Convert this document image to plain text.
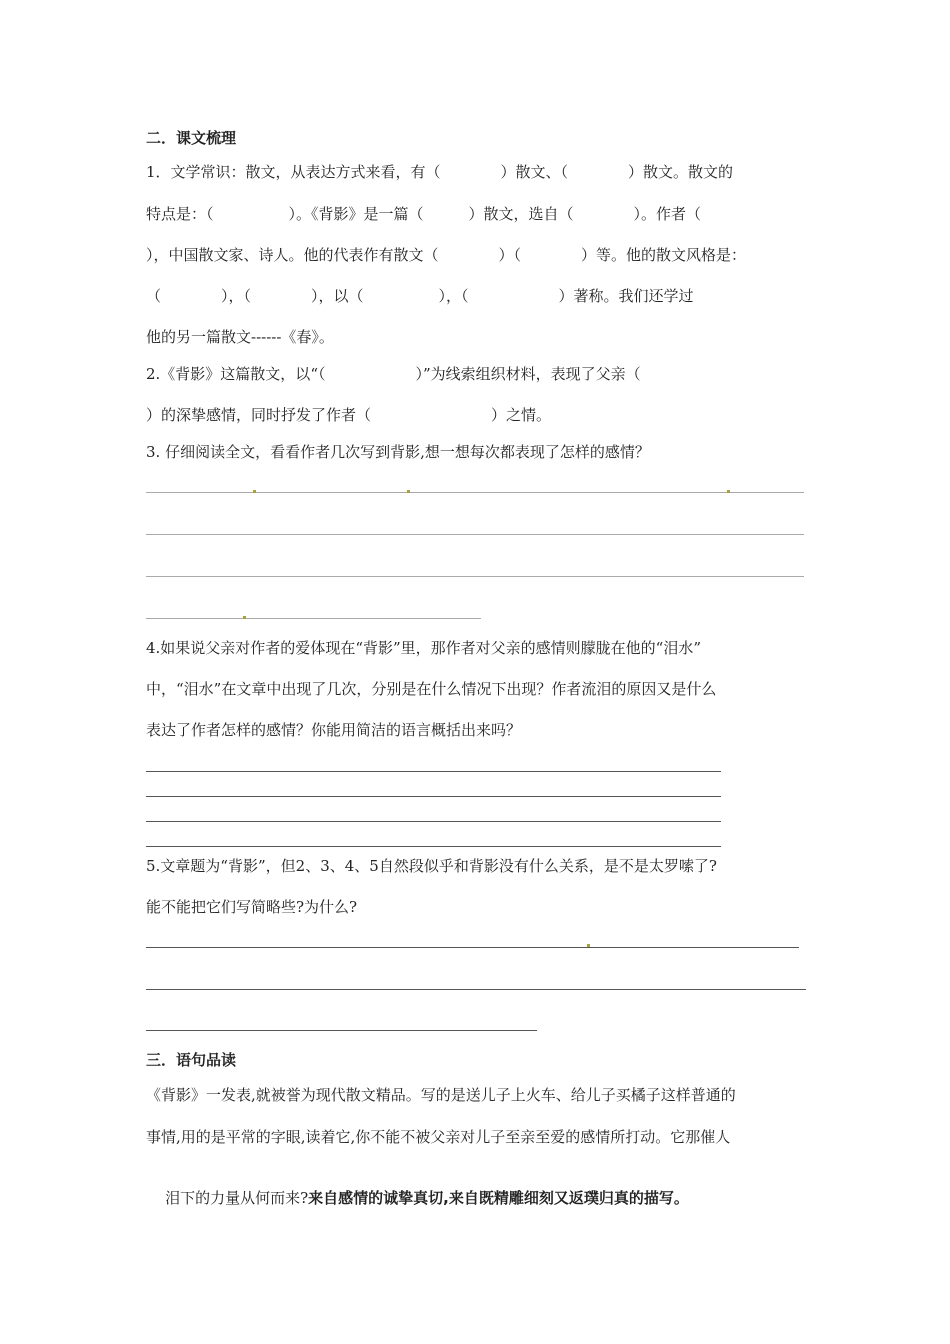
二．课文梳理
1．文学常识：散文，从表达方式来看，有（　　　　）散文、（　　　　）散文。散文的
特点是：（　　　　　）。《背影》是一篇（　　　）散文，选自（　　　　）。作者（
），中国散文家、诗人。他的代表作有散文（　　　　）（　　　　）等。他的散文风格是：
（　　　　），（　　　　），以（　　　　　），（　　　　　　）著称。我们还学过
他的另一篇散文------《春》。
2.《背影》这篇散文，以“（　　　　　　）”为线索组织材料，表现了父亲（
）的深挚感情，同时抒发了作者（　　　　　　　　）之情。
3. 仔细阅读全文，看看作者几次写到背影,想一想每次都表现了怎样的感情？
4.如果说父亲对作者的爱体现在“背影”里，那作者对父亲的感情则朦胧在他的“泪水”
中，“泪水”在文章中出现了几次，分别是在什么情况下出现？作者流泪的原因又是什么
表达了作者怎样的感情？你能用简洁的语言概括出来吗？
5.文章题为“背影”，但2、3、4、5自然段似乎和背影没有什么关系，是不是太罗嗦了?
能不能把它们写简略些?为什么?
三．语句品读
《背影》一发表,就被誉为现代散文精品。写的是送儿子上火车、给儿子买橘子这样普通的
事情,用的是平常的字眼,读着它,你不能不被父亲对儿子至亲至爱的感情所打动。它那催人

泪下的力量从何而来?来自感情的诚挚真切,来自既精雕细刻又返璞归真的描写。
